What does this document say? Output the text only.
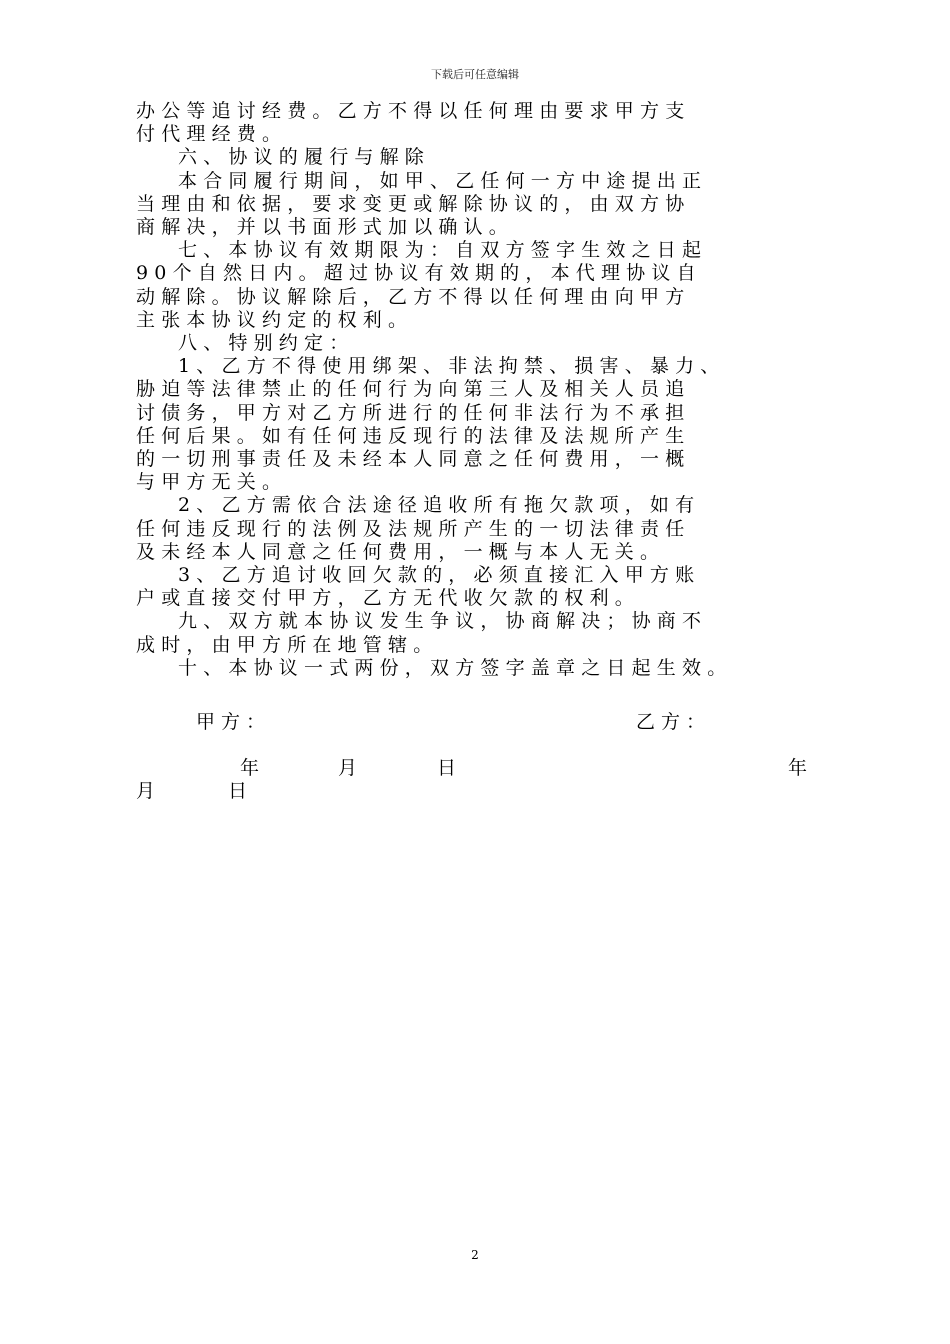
下载后可任意编辑
办公等追讨经费。乙方不得以任何理由要求甲方支
付代理经费。
六、协议的履行与解除
本合同履行期间，如甲、乙任何一方中途提出正
当理由和依据，要求变更或解除协议的，由双方协
商解决，并以书面形式加以确认。
七、本协议有效期限为：自双方签字生效之日起
90个自然日内。超过协议有效期的，本代理协议自
动解除。协议解除后，乙方不得以任何理由向甲方
主张本协议约定的权利。
八、特别约定：
1、乙方不得使用绑架、非法拘禁、损害、暴力、
胁迫等法律禁止的任何行为向第三人及相关人员追
讨债务，甲方对乙方所进行的任何非法行为不承担
任何后果。如有任何违反现行的法律及法规所产生
的一切刑事责任及未经本人同意之任何费用，一概
与甲方无关。
2、乙方需依合法途径追收所有拖欠款项，如有
任何违反现行的法例及法规所产生的一切法律责任
及未经本人同意之任何费用，一概与本人无关。
3、乙方追讨收回欠款的，必须直接汇入甲方账
户或直接交付甲方，乙方无代收欠款的权利。
九、双方就本协议发生争议，协商解决；协商不
成时，由甲方所在地管辖。
十、本协议一式两份，双方签字盖章之日起生效。
甲方：	乙方：
年	月	日	年
月	日
2
